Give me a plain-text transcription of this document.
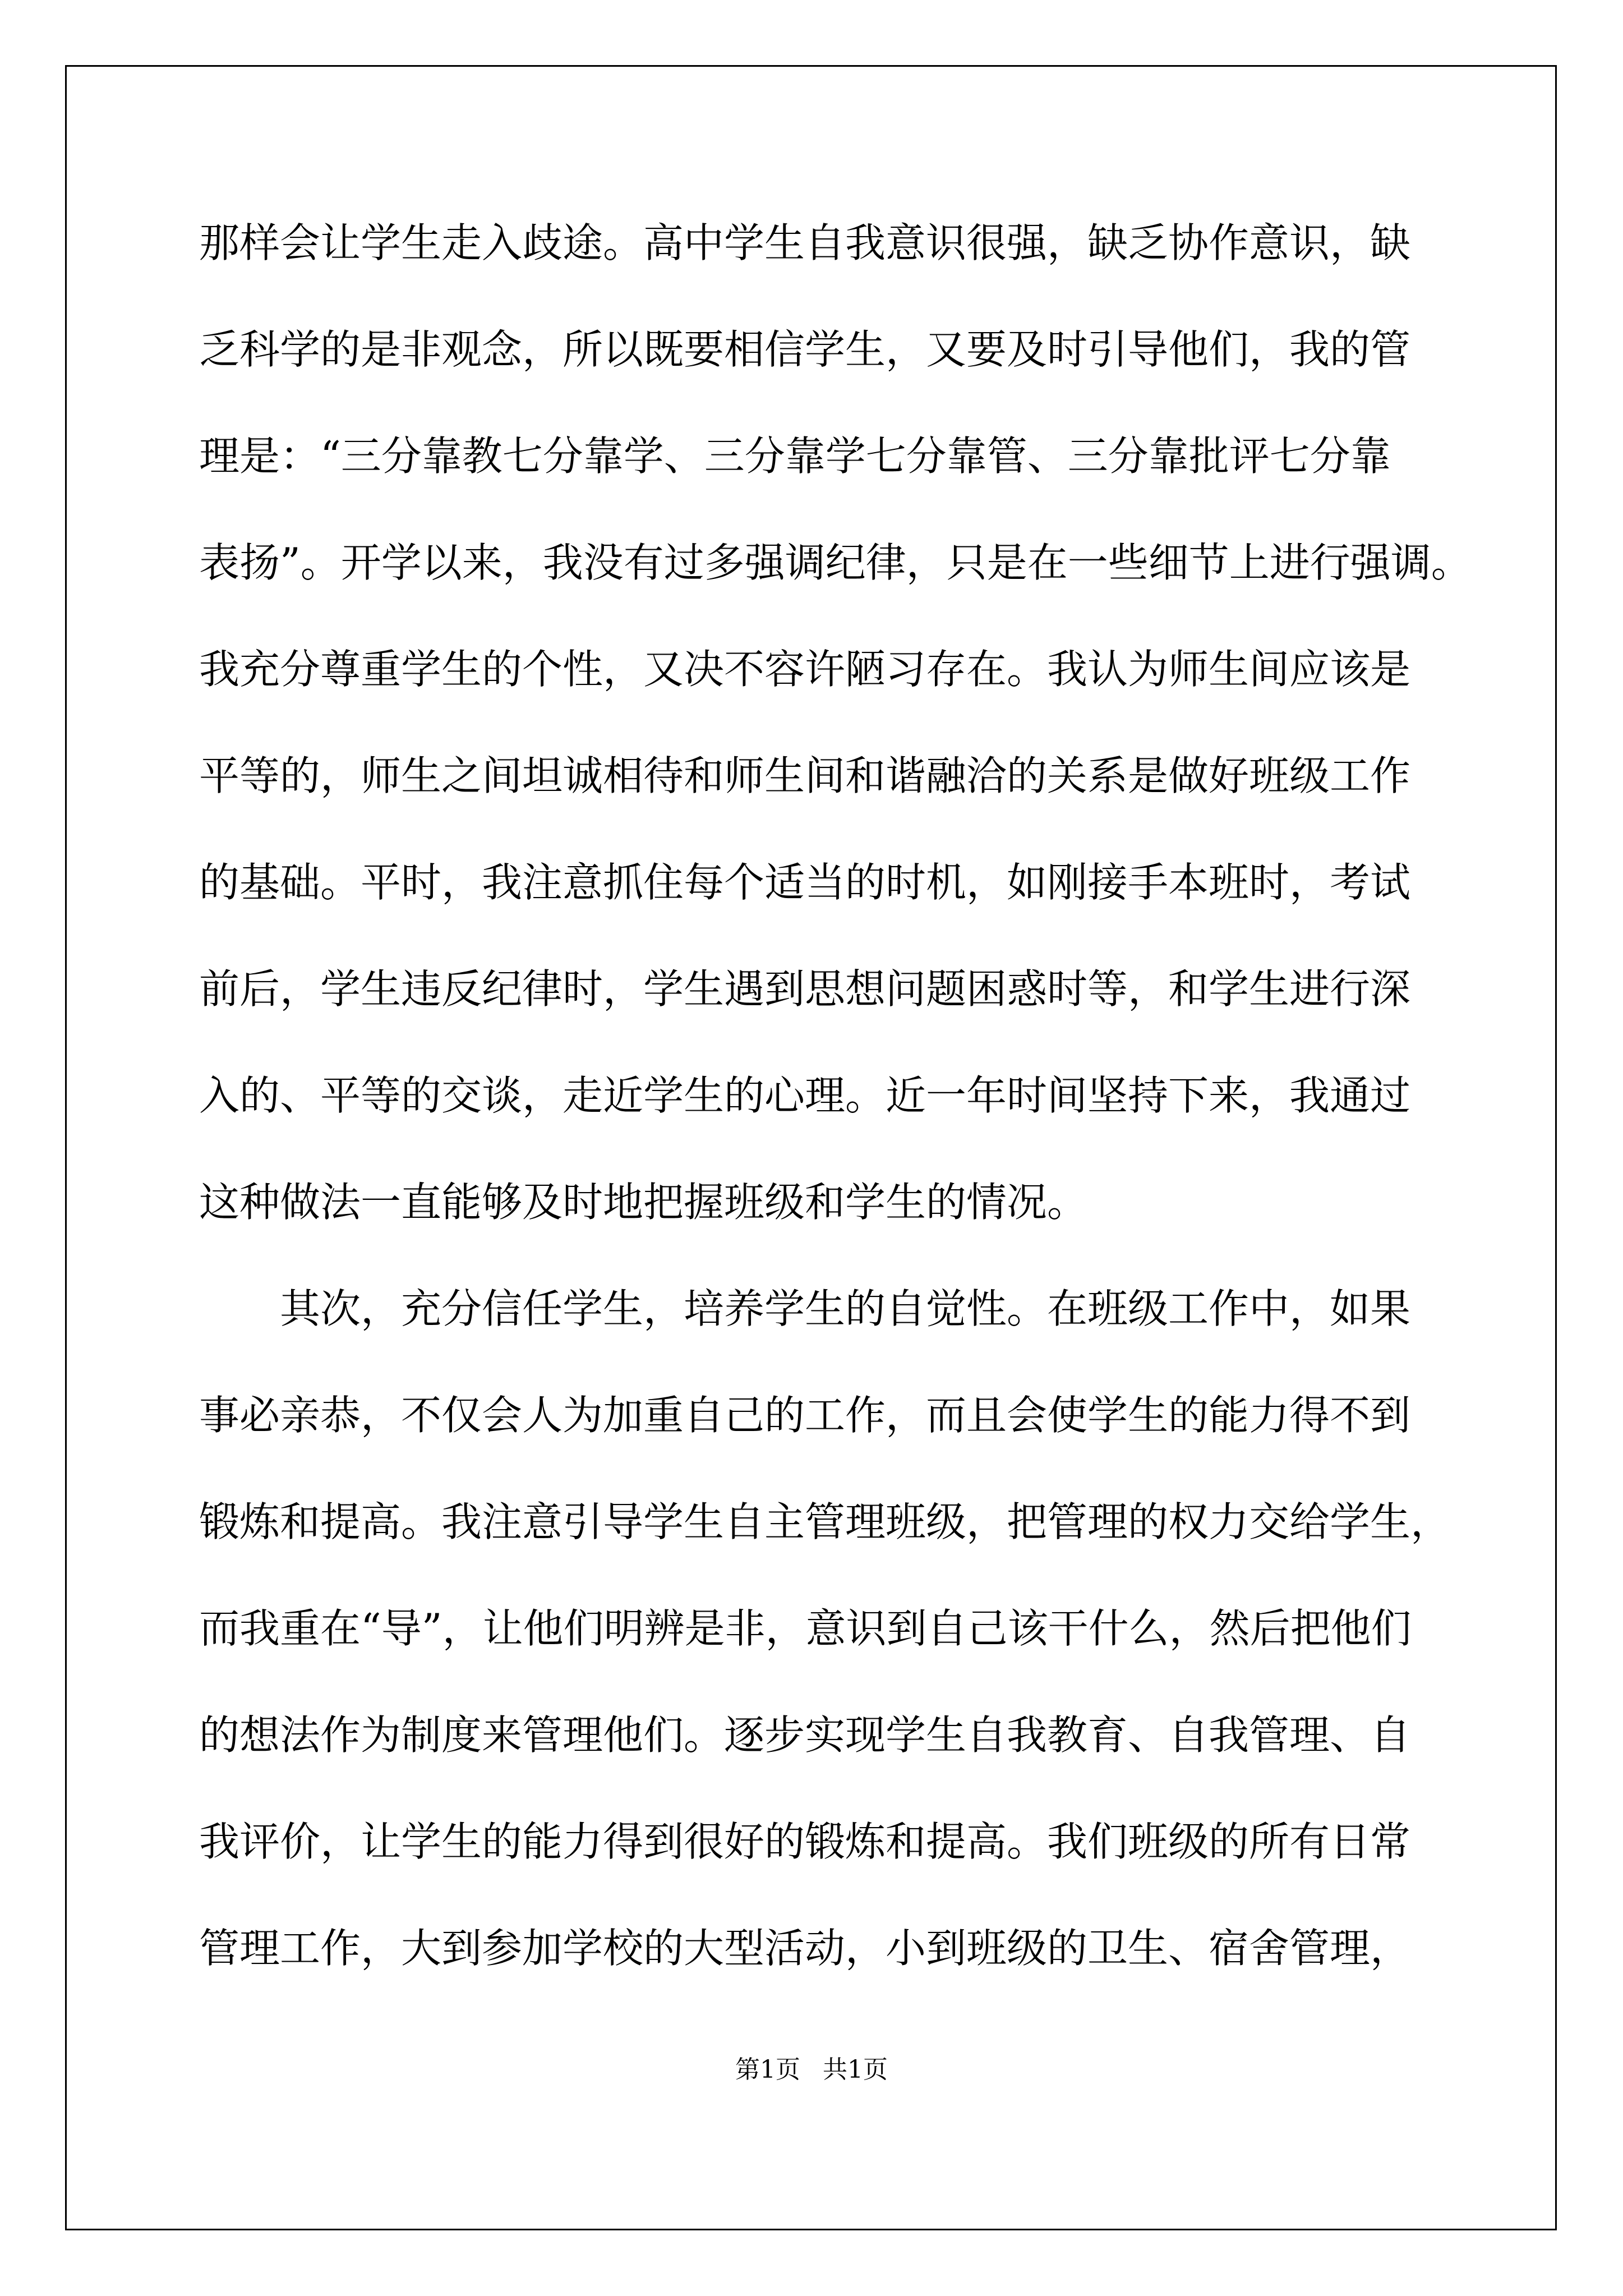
那样会让学生走入歧途。高中学生自我意识很强，缺乏协作意识，缺
乏科学的是非观念，所以既要相信学生，又要及时引导他们，我的管
理是：“三分靠教七分靠学、三分靠学七分靠管、三分靠批评七分靠
表扬”。开学以来，我没有过多强调纪律，只是在一些细节上进行强调。
我充分尊重学生的个性，又决不容许陋习存在。我认为师生间应该是
平等的，师生之间坦诚相待和师生间和谐融洽的关系是做好班级工作
的基础。平时，我注意抓住每个适当的时机，如刚接手本班时，考试
前后，学生违反纪律时，学生遇到思想问题困惑时等，和学生进行深
入的、平等的交谈，走近学生的心理。近一年时间坚持下来，我通过
这种做法一直能够及时地把握班级和学生的情况。
　　其次，充分信任学生，培养学生的自觉性。在班级工作中，如果
事必亲恭，不仅会人为加重自己的工作，而且会使学生的能力得不到
锻炼和提高。我注意引导学生自主管理班级，把管理的权力交给学生，
而我重在“导”，让他们明辨是非，意识到自己该干什么，然后把他们
的想法作为制度来管理他们。逐步实现学生自我教育、自我管理、自
我评价，让学生的能力得到很好的锻炼和提高。我们班级的所有日常
管理工作，大到参加学校的大型活动，小到班级的卫生、宿舍管理，
第1页 共1页
